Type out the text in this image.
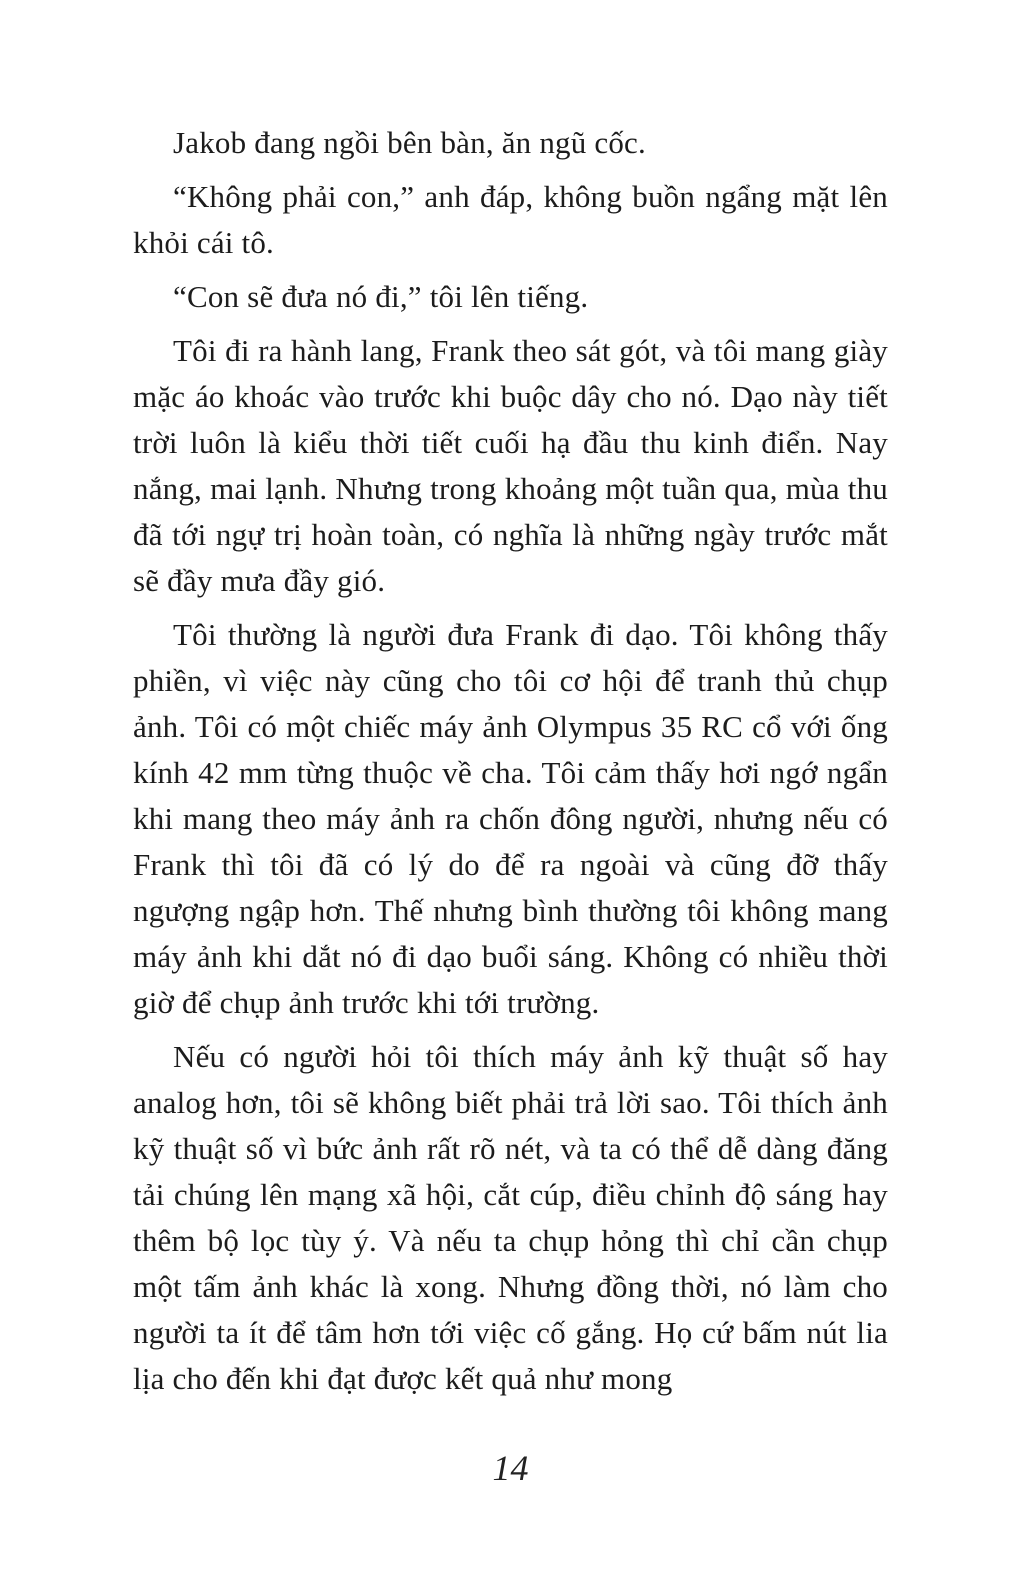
Jakob đang ngồi bên bàn, ăn ngũ cốc.

“Không phải con,” anh đáp, không buồn ngẩng mặt lên khỏi cái tô.

“Con sẽ đưa nó đi,” tôi lên tiếng.

Tôi đi ra hành lang, Frank theo sát gót, và tôi mang giày mặc áo khoác vào trước khi buộc dây cho nó. Dạo này tiết trời luôn là kiểu thời tiết cuối hạ đầu thu kinh điển. Nay nắng, mai lạnh. Nhưng trong khoảng một tuần qua, mùa thu đã tới ngự trị hoàn toàn, có nghĩa là những ngày trước mắt sẽ đầy mưa đầy gió.

Tôi thường là người đưa Frank đi dạo. Tôi không thấy phiền, vì việc này cũng cho tôi cơ hội để tranh thủ chụp ảnh. Tôi có một chiếc máy ảnh Olympus 35 RC cổ với ống kính 42 mm từng thuộc về cha. Tôi cảm thấy hơi ngớ ngẩn khi mang theo máy ảnh ra chốn đông người, nhưng nếu có Frank thì tôi đã có lý do để ra ngoài và cũng đỡ thấy ngượng ngập hơn. Thế nhưng bình thường tôi không mang máy ảnh khi dắt nó đi dạo buổi sáng. Không có nhiều thời giờ để chụp ảnh trước khi tới trường.

Nếu có người hỏi tôi thích máy ảnh kỹ thuật số hay analog hơn, tôi sẽ không biết phải trả lời sao. Tôi thích ảnh kỹ thuật số vì bức ảnh rất rõ nét, và ta có thể dễ dàng đăng tải chúng lên mạng xã hội, cắt cúp, điều chỉnh độ sáng hay thêm bộ lọc tùy ý. Và nếu ta chụp hỏng thì chỉ cần chụp một tấm ảnh khác là xong. Nhưng đồng thời, nó làm cho người ta ít để tâm hơn tới việc cố gắng. Họ cứ bấm nút lia lịa cho đến khi đạt được kết quả như mong

14
